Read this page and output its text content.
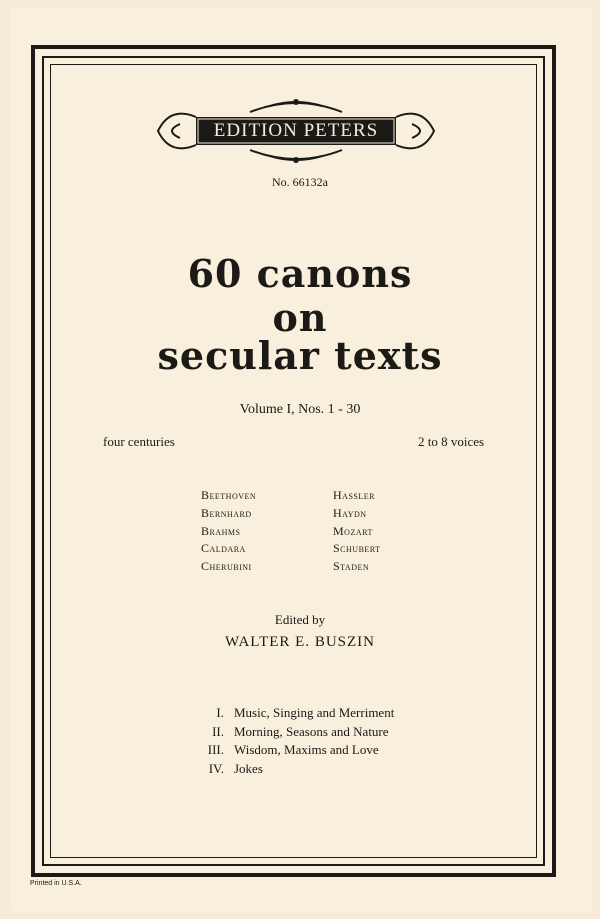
EDITION PETERS
No. 66132a
60 canons
on
secular texts
Volume I, Nos. 1 - 30
four centuries	2 to 8 voices
Beethoven
Bernhard
Brahms
Caldara
Cherubini
Hassler
Haydn
Mozart
Schubert
Staden
Edited by
WALTER E. BUSZIN
I. Music, Singing and Merriment
II. Morning, Seasons and Nature
III. Wisdom, Maxims and Love
IV. Jokes
Printed in U.S.A.
